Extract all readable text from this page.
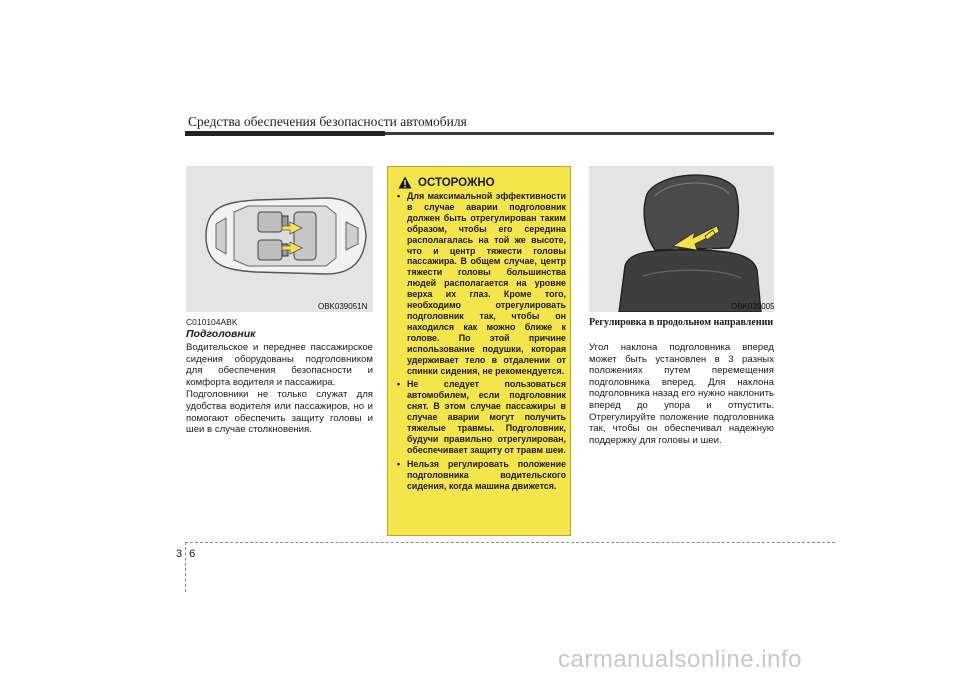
Средства обеспечения безопасности автомобиля
OBK039051N
C010104ABK
Подголовник

Водительское и переднее пассажирское сидения оборудованы подголовником для обеспечения безопасности и комфорта водителя и пассажира.

Подголовники не только служат для удобства водителя или пассажиров, но и помогают обеспечить защиту головы и шеи в случае столкновения.

ОСТОРОЖНО
• Для максимальной эффективности в случае аварии подголовник должен быть отрегулирован таким образом, чтобы его середина располагалась на той же высоте, что и центр тяжести головы пассажира. В общем случае, центр тяжести головы большинства людей располагается на уровне верха их глаз. Кроме того, необходимо отрегулировать подголовник так, чтобы он находился как можно ближе к голове. По этой причине использование подушки, которая удерживает тело в отдалении от спинки сидения, не рекомендуется.
• Не следует пользоваться автомобилем, если подголовник снят. В этом случае пассажиры в случае аварии могут получить тяжелые травмы. Подголовник, будучи правильно отрегулирован, обеспечивает защиту от травм шеи.
• Нельзя регулировать положение подголовника водительского сидения, когда машина движется.
OBK039005
Регулировка в продольном направлении

Угол наклона подголовника вперед может быть установлен в 3 разных положениях путем перемещения подголовника вперед. Для наклона подголовника назад его нужно наклонить вперед до упора и отпустить. Отрегулируйте положение подголовника так, чтобы он обеспечивал надежную поддержку для головы и шеи.

36
carmanualsonline.info
